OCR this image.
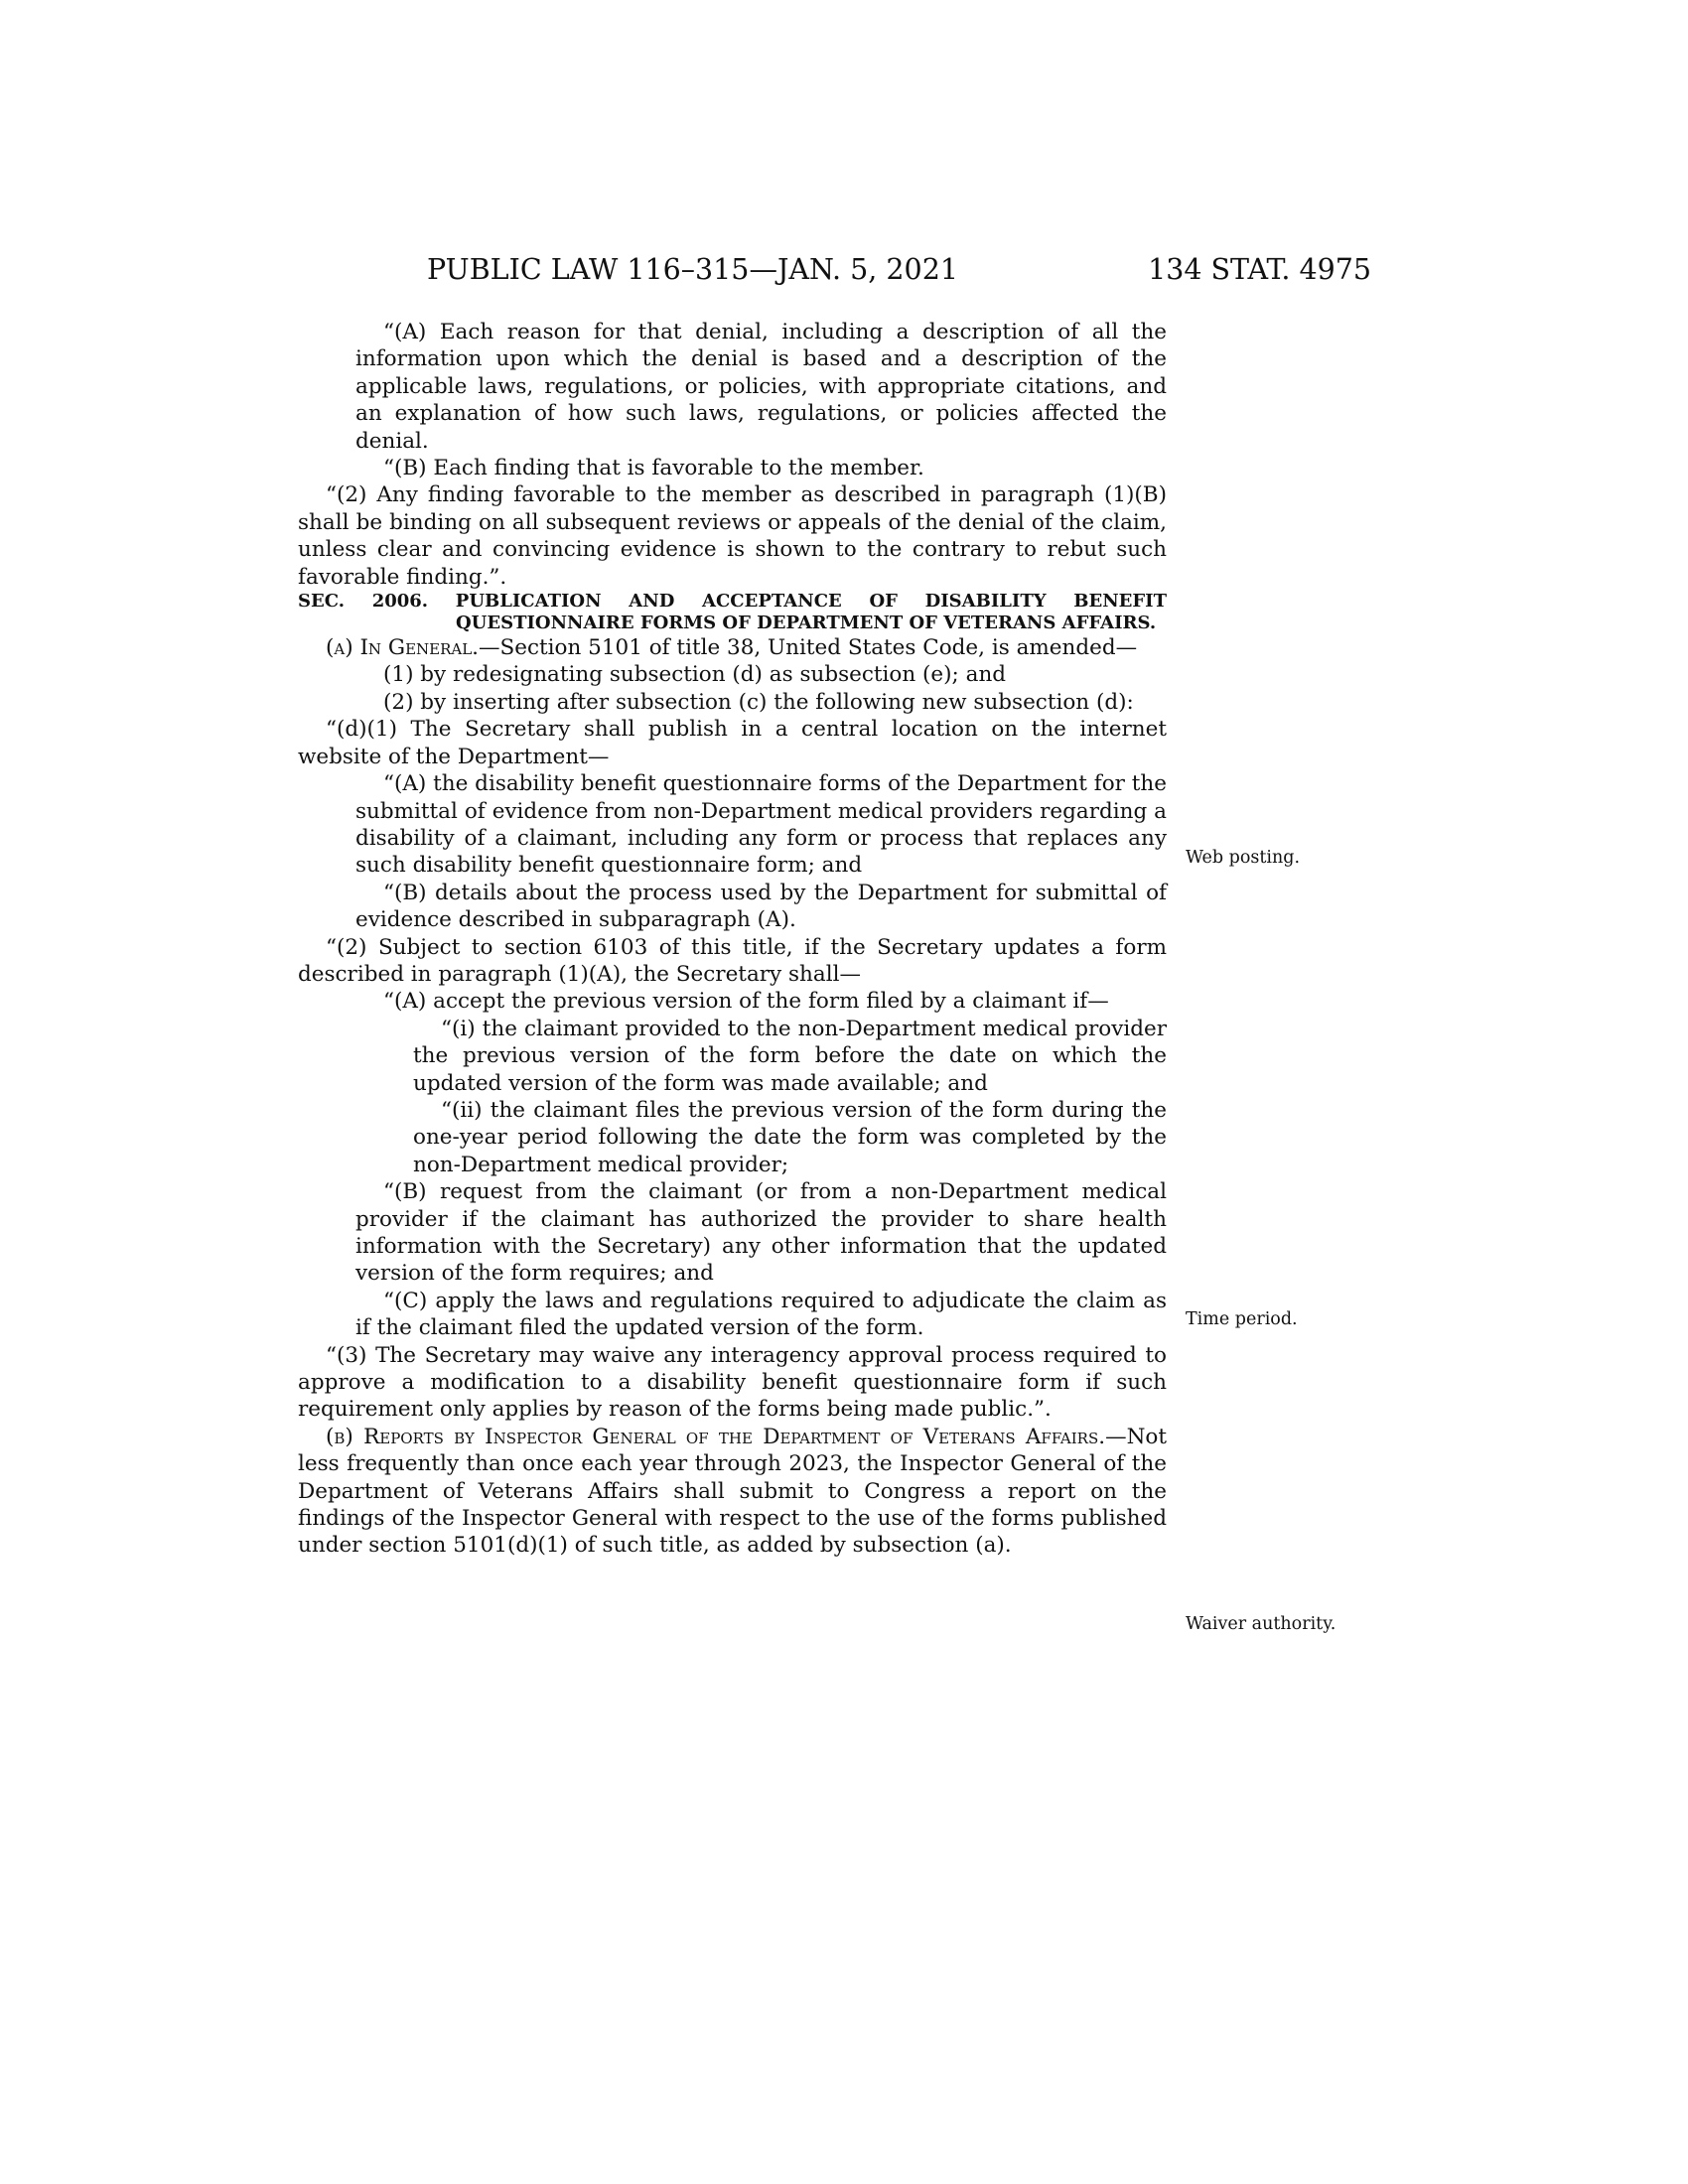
PUBLIC LAW 116–315—JAN. 5, 2021	134 STAT. 4975

“(A) Each reason for that denial, including a description of all the information upon which the denial is based and a description of the applicable laws, regulations, or policies, with appropriate citations, and an explanation of how such laws, regulations, or policies affected the denial.

“(B) Each finding that is favorable to the member.

“(2) Any finding favorable to the member as described in paragraph (1)(B) shall be binding on all subsequent reviews or appeals of the denial of the claim, unless clear and convincing evidence is shown to the contrary to rebut such favorable finding.”.

SEC. 2006. PUBLICATION AND ACCEPTANCE OF DISABILITY BENEFIT QUESTIONNAIRE FORMS OF DEPARTMENT OF VETERANS AFFAIRS.

(a) In General.—Section 5101 of title 38, United States Code, is amended—

(1) by redesignating subsection (d) as subsection (e); and

(2) by inserting after subsection (c) the following new subsection (d):

“(d)(1) The Secretary shall publish in a central location on the internet website of the Department—

“(A) the disability benefit questionnaire forms of the Department for the submittal of evidence from non-Department medical providers regarding a disability of a claimant, including any form or process that replaces any such disability benefit questionnaire form; and

“(B) details about the process used by the Department for submittal of evidence described in subparagraph (A).

“(2) Subject to section 6103 of this title, if the Secretary updates a form described in paragraph (1)(A), the Secretary shall—

“(A) accept the previous version of the form filed by a claimant if—

“(i) the claimant provided to the non-Department medical provider the previous version of the form before the date on which the updated version of the form was made available; and

“(ii) the claimant files the previous version of the form during the one-year period following the date the form was completed by the non-Department medical provider;

“(B) request from the claimant (or from a non-Department medical provider if the claimant has authorized the provider to share health information with the Secretary) any other information that the updated version of the form requires; and

“(C) apply the laws and regulations required to adjudicate the claim as if the claimant filed the updated version of the form.

“(3) The Secretary may waive any interagency approval process required to approve a modification to a disability benefit questionnaire form if such requirement only applies by reason of the forms being made public.”.

(b) Reports by Inspector General of the Department of Veterans Affairs.—Not less frequently than once each year through 2023, the Inspector General of the Department of Veterans Affairs shall submit to Congress a report on the findings of the Inspector General with respect to the use of the forms published under section 5101(d)(1) of such title, as added by subsection (a).

Web posting.
Time period.
Waiver authority.
